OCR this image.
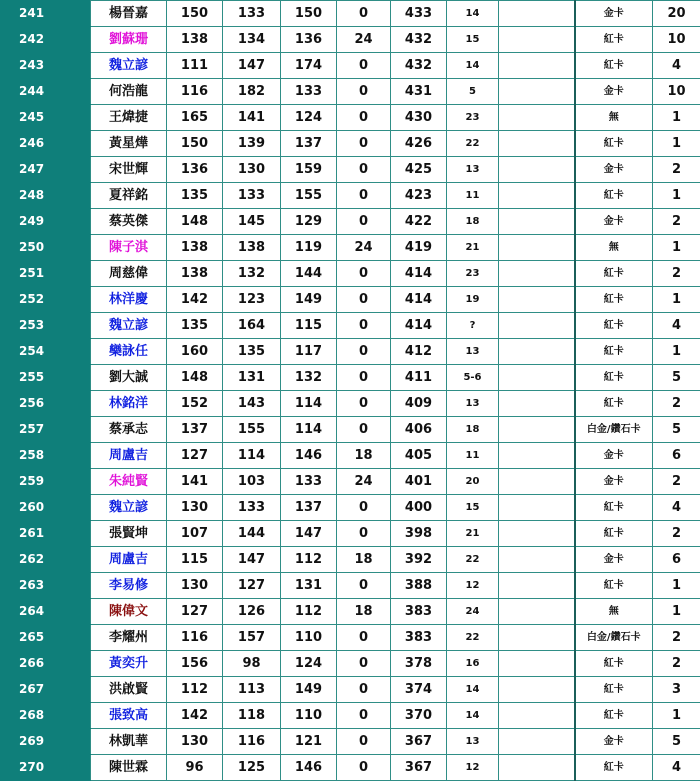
241	楊晉嘉	150	133	150	0	433	14		金卡	20
242	劉蘇珊	138	134	136	24	432	15		紅卡	10
243	魏立諺	111	147	174	0	432	14		紅卡	4
244	何浩龍	116	182	133	0	431	5		金卡	10
245	王煒捷	165	141	124	0	430	23		無	1
246	黃星燁	150	139	137	0	426	22		紅卡	1
247	宋世輝	136	130	159	0	425	13		金卡	2
248	夏祥銘	135	133	155	0	423	11		紅卡	1
249	蔡英傑	148	145	129	0	422	18		金卡	2
250	陳子淇	138	138	119	24	419	21		無	1
251	周慈偉	138	132	144	0	414	23		紅卡	2
252	林洋慶	142	123	149	0	414	19		紅卡	1
253	魏立諺	135	164	115	0	414	?		紅卡	4
254	欒詠任	160	135	117	0	412	13		紅卡	1
255	劉大誠	148	131	132	0	411	5-6		紅卡	5
256	林銘洋	152	143	114	0	409	13		紅卡	2
257	蔡承志	137	155	114	0	406	18		白金/鑽石卡	5
258	周盧吉	127	114	146	18	405	11		金卡	6
259	朱純賢	141	103	133	24	401	20		金卡	2
260	魏立諺	130	133	137	0	400	15		紅卡	4
261	張賢坤	107	144	147	0	398	21		紅卡	2
262	周盧吉	115	147	112	18	392	22		金卡	6
263	李易修	130	127	131	0	388	12		紅卡	1
264	陳偉文	127	126	112	18	383	24		無	1
265	李耀州	116	157	110	0	383	22		白金/鑽石卡	2
266	黃奕升	156	98	124	0	378	16		紅卡	2
267	洪啟賢	112	113	149	0	374	14		紅卡	3
268	張致高	142	118	110	0	370	14		紅卡	1
269	林凱華	130	116	121	0	367	13		金卡	5
270	陳世霖	96	125	146	0	367	12		紅卡	4
